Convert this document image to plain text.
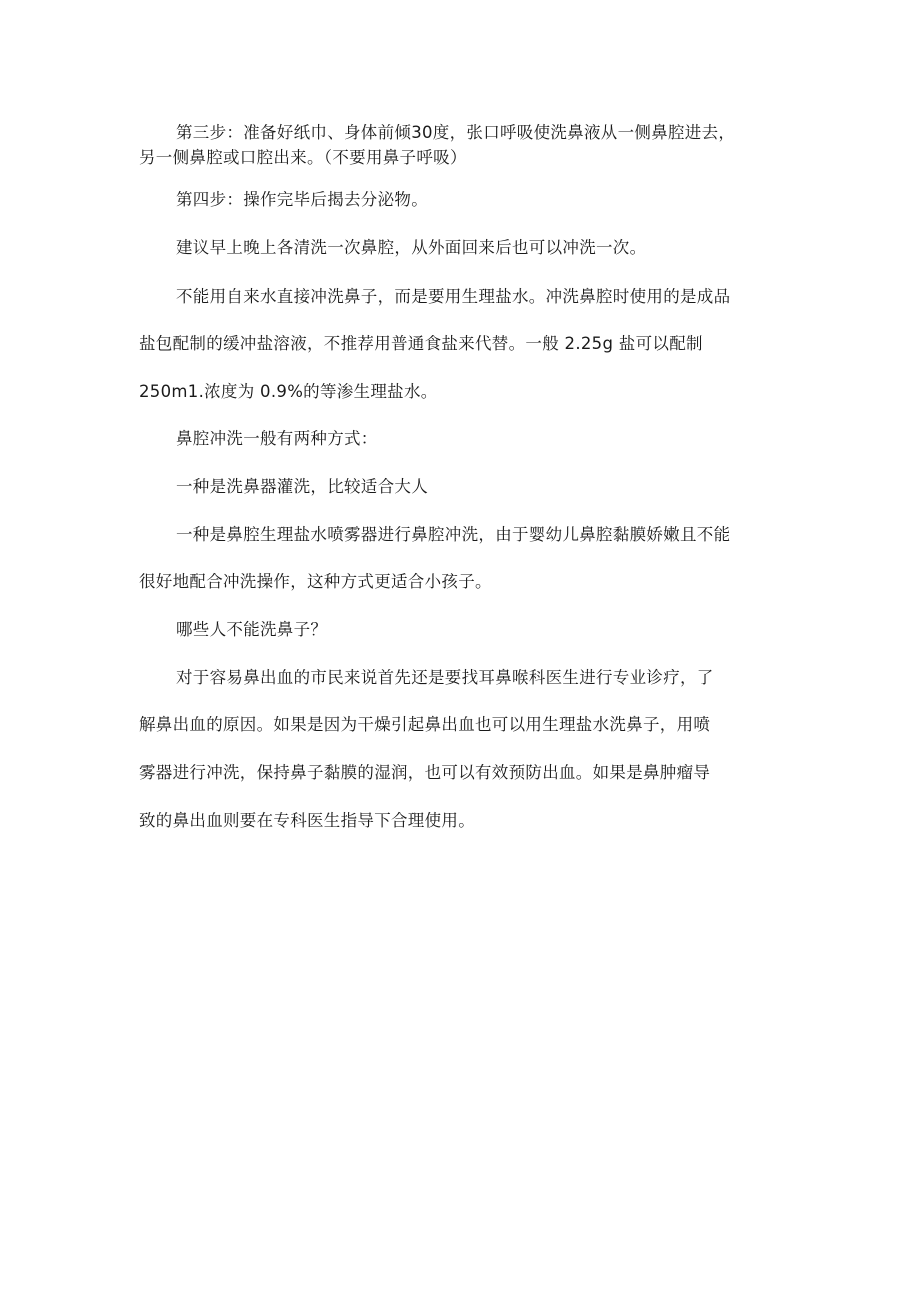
第三步：准备好纸巾、身体前倾30度，张口呼吸使洗鼻液从一侧鼻腔进去，
另一侧鼻腔或口腔出来。（不要用鼻子呼吸）
第四步：操作完毕后揭去分泌物。
建议早上晚上各清洗一次鼻腔，从外面回来后也可以冲洗一次。
不能用自来水直接冲洗鼻子，而是要用生理盐水。冲洗鼻腔时使用的是成品
盐包配制的缓冲盐溶液，不推荐用普通食盐来代替。一般 2.25g 盐可以配制
250m1.浓度为 0.9%的等渗生理盐水。
鼻腔冲洗一般有两种方式：
一种是洗鼻器灌洗，比较适合大人
一种是鼻腔生理盐水喷雾器进行鼻腔冲洗，由于婴幼儿鼻腔黏膜娇嫩且不能
很好地配合冲洗操作，这种方式更适合小孩子。
哪些人不能洗鼻子？
对于容易鼻出血的市民来说首先还是要找耳鼻喉科医生进行专业诊疗，了
解鼻出血的原因。如果是因为干燥引起鼻出血也可以用生理盐水洗鼻子，用喷
雾器进行冲洗，保持鼻子黏膜的湿润，也可以有效预防出血。如果是鼻肿瘤导
致的鼻出血则要在专科医生指导下合理使用。
